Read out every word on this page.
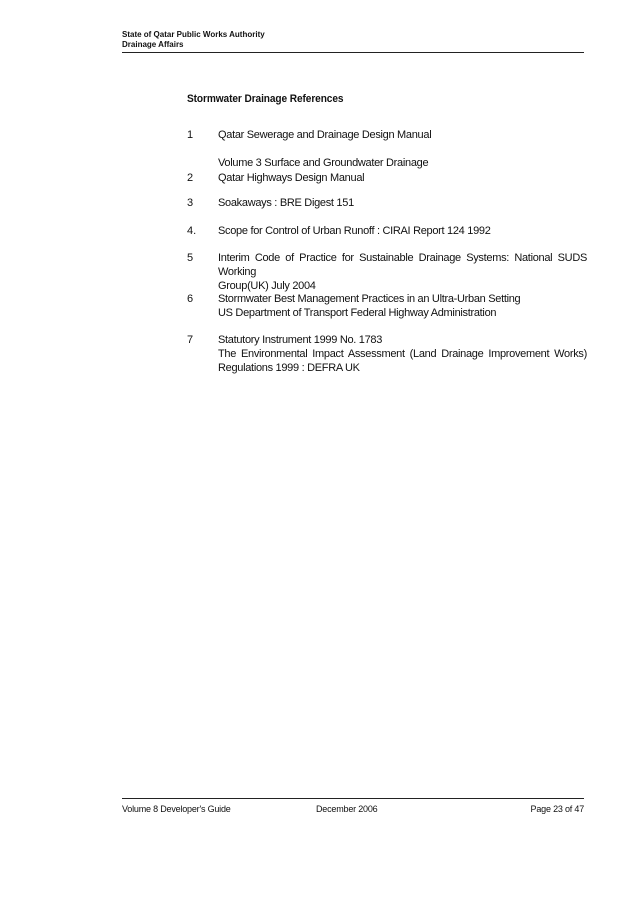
State of Qatar Public Works Authority
Drainage Affairs
Stormwater Drainage References
1	Qatar Sewerage and Drainage Design Manual
Volume 3 Surface and Groundwater Drainage
2	Qatar Highways Design Manual
3	Soakaways : BRE Digest 151
4.	Scope for Control of Urban Runoff : CIRAI Report 124 1992
5	Interim Code of Practice for Sustainable Drainage Systems: National SUDS Working
Group(UK) July 2004
6	Stormwater Best Management Practices in an Ultra-Urban Setting
US Department of Transport Federal Highway Administration
7	Statutory Instrument 1999 No. 1783
The Environmental Impact Assessment (Land Drainage Improvement Works)
Regulations 1999 : DEFRA UK
Volume 8 Developer's Guide	December 2006	Page 23 of 47
